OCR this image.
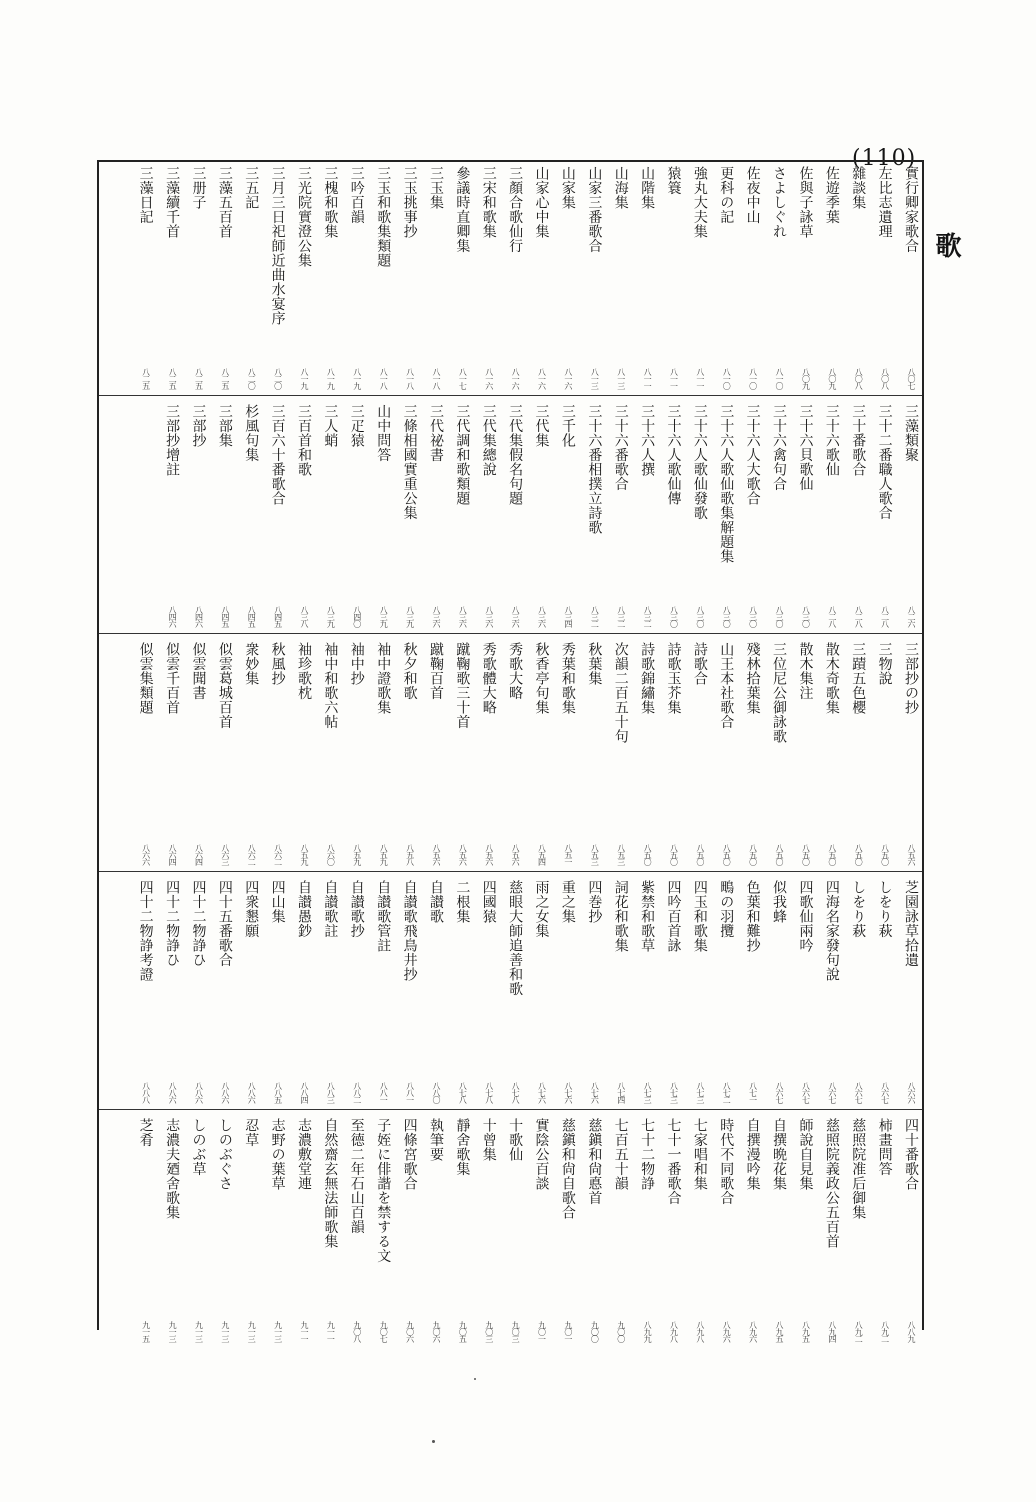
(110)
歌
實行卿家歌合
八〇七
左比志遺理
八〇八
雜談集
八〇八
佐遊季葉
八〇九
佐與子詠草
八〇九
さよしぐれ
八一〇
佐夜中山
八一〇
更科の記
八一〇
強丸大夫集
八一一
猿簑
八一一
山階集
八一一
山海集
八一三
山家三番歌合
八一三
山家集
八一六
山家心中集
八一六
三顏合歌仙行
八一六
三宋和歌集
八一六
參議時直卿集
八一七
三玉集
八一八
三玉挑事抄
八一八
三玉和歌集類題
八一八
三吟百韻
八一九
三槐和歌集
八一九
三光院實澄公集
八一九
三月三日祀師近曲水宴序
八二〇
三五記
八二〇
三藻五百首
八二五
三册子
八二五
三藻續千首
八二五
三藻日記
八二五
三藻類聚
八二六
三十二番職人歌合
八二八
三十番歌合
八二八
三十六歌仙
八二八
三十六貝歌仙
八三〇
三十六禽句合
八三〇
三十六人大歌合
八三〇
三十六人歌仙歌集解題集
八三〇
三十六人歌仙發歌
八三〇
三十六人歌仙傳
八三〇
三十六人撰
八三二
三十六番歌合
八三二
三十六番相撲立詩歌
八三二
三千化
八三四
三代集
八三六
三代集假名句題
八三六
三代集總說
八三六
三代調和歌類題
八三六
三代祕書
八三六
三條相國實重公集
八三九
山中問答
八三九
三疋猿
八四〇
三人蛸
八三九
三百首和歌
八三八
三百六十番歌合
八四五
杉風句集
八四五
三部集
八四五
三部抄
八四六
三部抄增註
八四六
三部抄の抄
八五六
三物說
八五〇
三蹟五色櫻
八五〇
散木奇歌集
八五〇
散木集注
八五〇
三位尼公御詠歌
八五〇
殘林拾葉集
八五〇
山王本社歌合
八五〇
詩歌合
八五〇
詩歌玉芥集
八五〇
詩歌錦繡集
八五〇
次韻二百五十句
八五三
秋葉集
八五三
秀葉和歌集
八五一
秋香亭句集
八五四
秀歌大略
八五六
秀歌體大略
八五六
蹴鞠歌三十首
八五六
蹴鞠百首
八五六
秋夕和歌
八五八
袖中證歌集
八五九
袖中抄
八五九
袖中和歌六帖
八六〇
袖珍歌枕
八五九
秋風抄
八六二
衆妙集
八六二
似雲葛城百首
八六三
似雲聞書
八六四
似雲千百首
八六四
似雲集類題
八六六
芝園詠草拾遺
八六六
しをり萩
八六七
しをり萩
八六七
四海名家發句說
八六七
四歌仙兩吟
八六七
似我蜂
八六七
色葉和難抄
八七一
鴫の羽攬
八七二
四玉和歌集
八七三
四吟百首詠
八七三
紫禁和歌草
八七三
詞花和歌集
八七四
四巻抄
八七六
重之集
八七六
雨之女集
八七六
慈眼大師追善和歌
八七八
四國猿
八七八
二根集
八七八
自讃歌
八八〇
自讃歌飛鳥井抄
八八一
自讃歌管註
八八一
自讃歌抄
八八二
自讃歌註
八八三
自讃愚鈔
八八四
四山集
八八五
四衆懇願
八八六
四十五番歌合
八八六
四十二物諍ひ
八八六
四十二物諍ひ
八八六
四十二物諍考證
八八八
四十番歌合
八八九
柿畫問答
八九二
慈照院准后御集
八九二
慈照院義政公五百首
八九四
師說自見集
八九五
自撰晩花集
八九五
自撰漫吟集
八九六
時代不同歌合
八九六
七家唱和集
八九八
七十一番歌合
八九八
七十二物諍
八九九
七百五十韻
九〇〇
慈鎭和尙悳首
九〇〇
慈鎭和尙自歌合
九〇一
實陰公百談
九〇一
十歌仙
九〇三
十曾集
九〇三
靜舍歌集
九〇五
執筆要
九〇六
四條宮歌合
九〇六
子姪に俳諧を禁する文
九〇七
至德二年石山百韻
九〇八
自然齋玄無法師歌集
九一一
志濃敷堂連
九一一
志野の葉草
九一三
忍草
九一三
しのぶぐさ
九一三
しのぶ草
九一三
志濃夫廼舍歌集
九一三
芝肴
九一五
